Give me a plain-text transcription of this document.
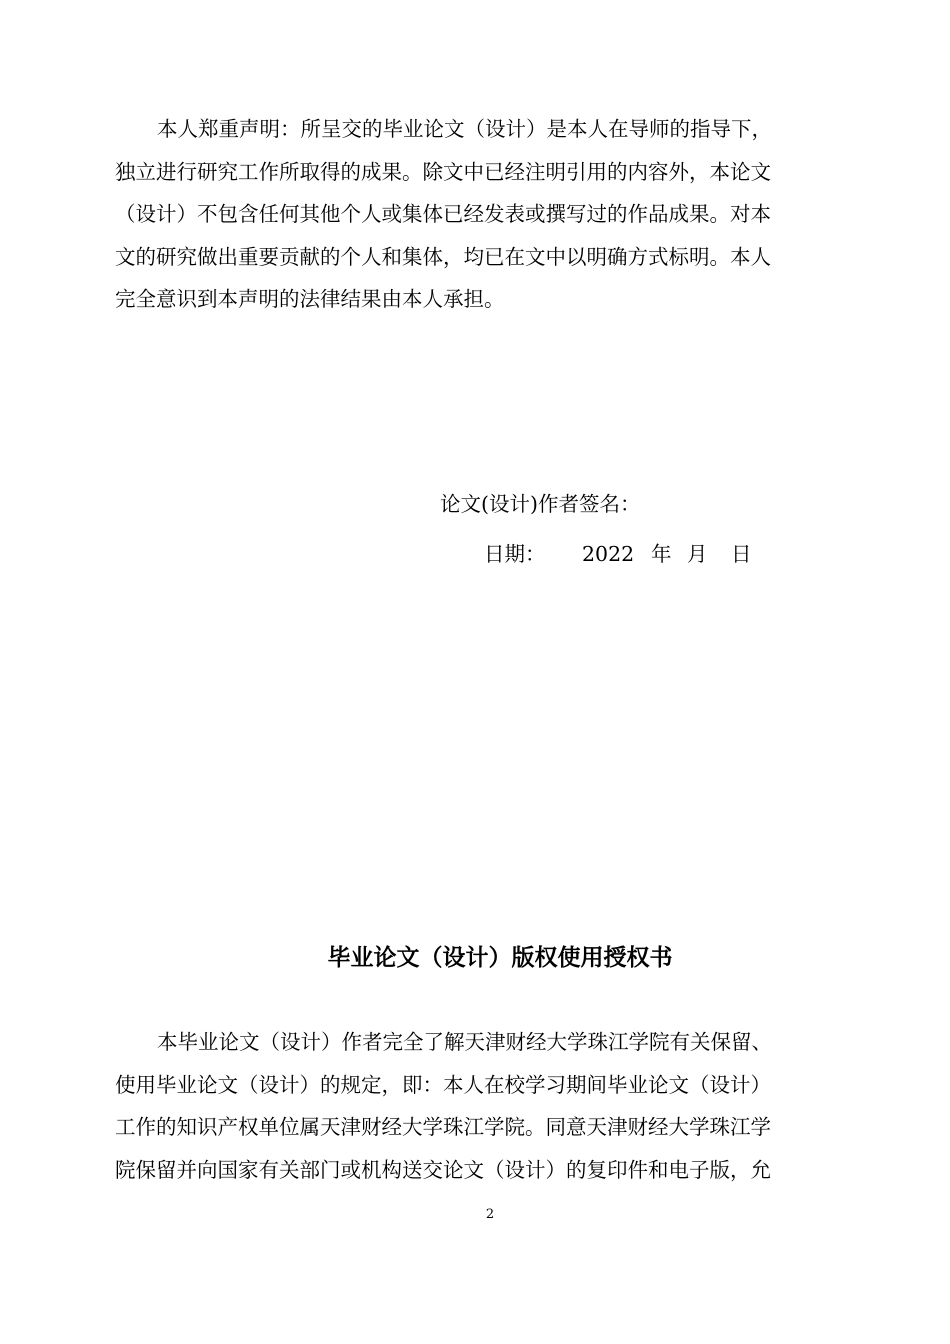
本人郑重声明：所呈交的毕业论文（设计）是本人在导师的指导下，
独立进行研究工作所取得的成果。除文中已经注明引用的内容外，本论文
（设计）不包含任何其他个人或集体已经发表或撰写过的作品成果。对本
文的研究做出重要贡献的个人和集体，均已在文中以明确方式标明。本人
完全意识到本声明的法律结果由本人承担。
论文(设计)作者签名：
日期： 2022 年 月 日
毕业论文（设计）版权使用授权书
本毕业论文（设计）作者完全了解天津财经大学珠江学院有关保留、
使用毕业论文（设计）的规定，即：本人在校学习期间毕业论文（设计）
工作的知识产权单位属天津财经大学珠江学院。同意天津财经大学珠江学
院保留并向国家有关部门或机构送交论文（设计）的复印件和电子版，允
2
